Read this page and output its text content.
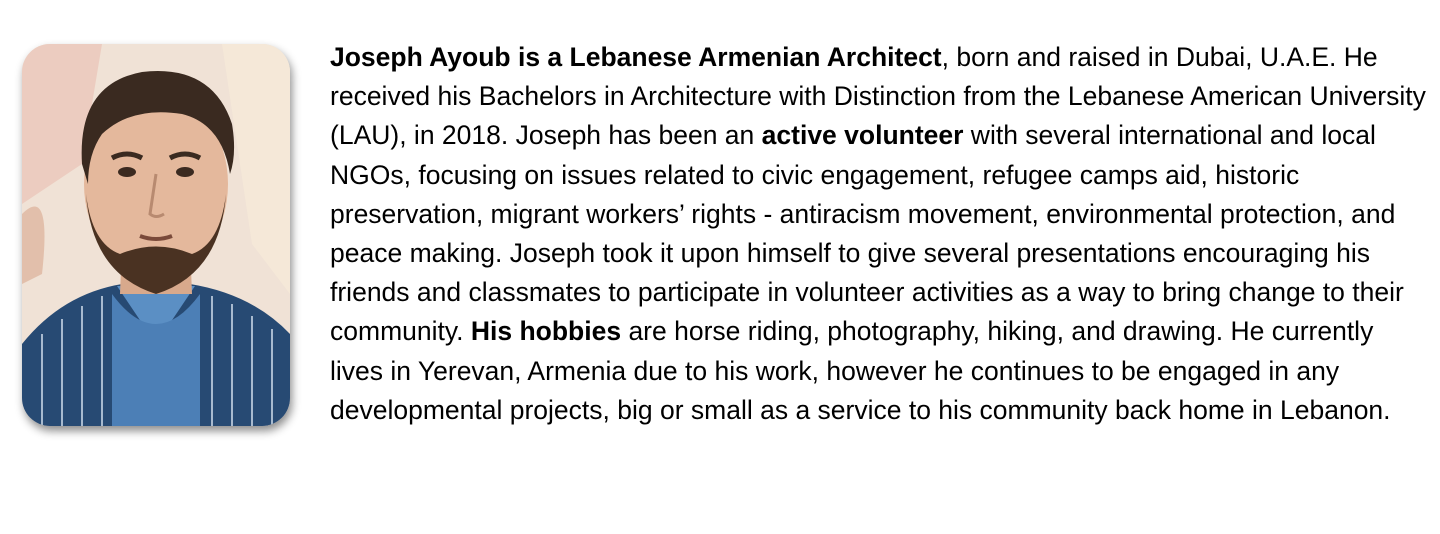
Joseph Ayoub is a Lebanese Armenian Architect, born and raised in Dubai, U.A.E. He received his Bachelors in Architecture with Distinction from the Lebanese American University (LAU), in 2018. Joseph has been an active volunteer with several international and local NGOs, focusing on issues related to civic engagement, refugee camps aid, historic preservation, migrant workers’ rights - antiracism movement, environmental protection, and peace making. Joseph took it upon himself to give several presentations encouraging his friends and classmates to participate in volunteer activities as a way to bring change to their community. His hobbies are horse riding, photography, hiking, and drawing. He currently lives in Yerevan, Armenia due to his work, however he continues to be engaged in any developmental projects, big or small as a service to his community back home in Lebanon.
